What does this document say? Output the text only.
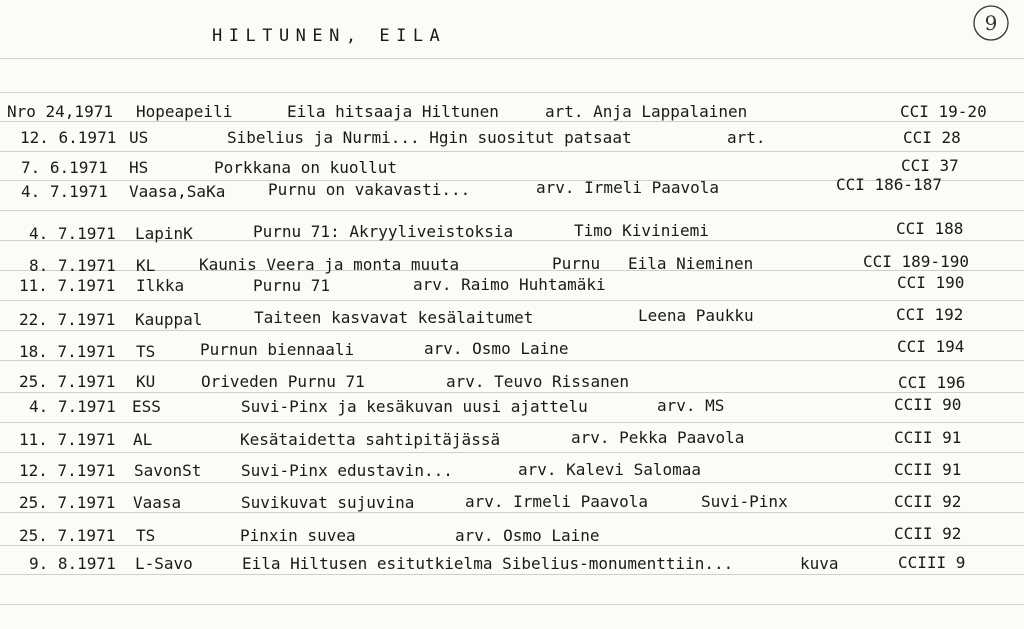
HILTUNEN, EILA
9
Nro 24,1971 Hopeapeili	Eila hitsaaja Hiltunen	art. Anja Lappalainen	CCI 19-20
12. 6.1971 US	Sibelius ja Nurmi... Hgin suositut patsaat	art.	CCI 28
7. 6.1971 HS	Porkkana on kuollut	CCI 37
4. 7.1971 Vaasa,SaKa	Purnu on vakavasti...	arv. Irmeli Paavola	CCI 186-187
4. 7.1971 LapinK	Purnu 71: Akryyliveistoksia	Timo Kiviniemi	CCI 188
8. 7.1971 KL	Kaunis Veera ja monta muuta	Purnu Eila Nieminen	CCI 189-190
11. 7.1971 Ilkka	Purnu 71	arv. Raimo Huhtamäki	CCI 190
22. 7.1971 Kauppal	Taiteen kasvavat kesälaitumet	Leena Paukku	CCI 192
18. 7.1971 TS	Purnun biennaali	arv. Osmo Laine	CCI 194
25. 7.1971 KU	Oriveden Purnu 71	arv. Teuvo Rissanen	CCI 196
4. 7.1971 ESS	Suvi-Pinx ja kesäkuvan uusi ajattelu	arv. MS	CCII 90
11. 7.1971 AL	Kesätaidetta sahtipitäjässä	arv. Pekka Paavola	CCII 91
12. 7.1971 SavonSt Suvi-Pinx edustavin...	arv. Kalevi Salomaa	CCII 91
25. 7.1971 Vaasa	Suvikuvat sujuvina	arv. Irmeli Paavola	Suvi-Pinx	CCII 92
25. 7.1971 TS	Pinxin suvea	arv. Osmo Laine	CCII 92
9. 8.1971 L-Savo	Eila Hiltusen esitutkielma Sibelius-monumenttiin...	kuva	CCIII 9
